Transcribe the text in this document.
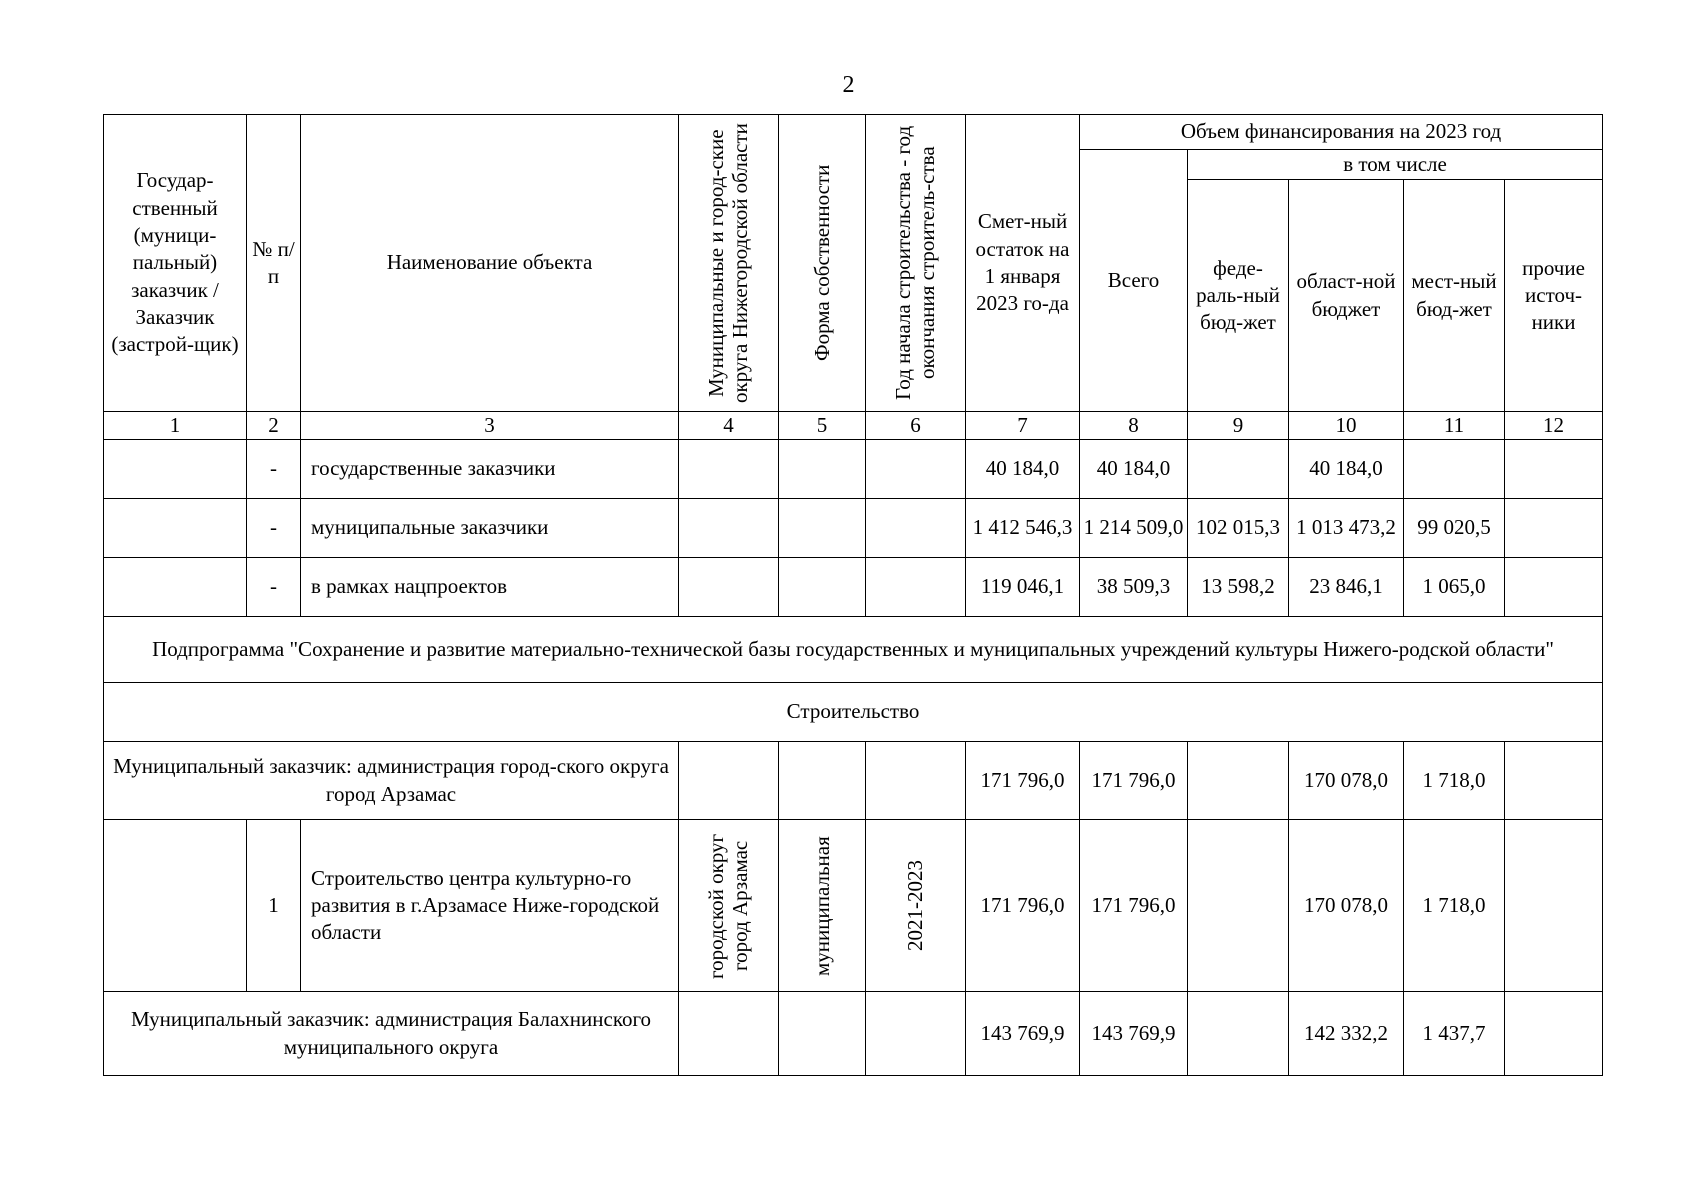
2
Государ-ственный (муници-пальный) заказчик / Заказчик (застрой-щик)	№ п/п	Наименование объекта	Муниципальные и город-ские округа Нижегородской области	Форма собственности	Год начала строительства - год окончания строитель-ства	Смет-ный остаток на 1 января 2023 го-да	Объем финансирования на 2023 год				
							Всего	в том числе			
								феде-раль-ный бюд-жет	област-ной бюджет	мест-ный бюд-жет	прочие источ-ники
1	2	3	4	5	6	7	8	9	10	11	12
	-	государственные заказчики				40 184,0	40 184,0		40 184,0		
	-	муниципальные заказчики				1 412 546,3	1 214 509,0	102 015,3	1 013 473,2	99 020,5	
	-	в рамках нацпроектов				119 046,1	38 509,3	13 598,2	23 846,1	1 065,0	
Подпрограмма "Сохранение и развитие материально-технической базы государственных и муниципальных учреждений культуры Нижего-родской области"											
Строительство											
Муниципальный заказчик: администрация город-ского округа город Арзамас						171 796,0	171 796,0		170 078,0	1 718,0	
	1	Строительство центра культурно-го развития в г.Арзамасе Ниже-городской области	городской округ город Арзамас	муниципальная	2021-2023	171 796,0	171 796,0		170 078,0	1 718,0	
Муниципальный заказчик: администрация Балахнинского муниципального округа						143 769,9	143 769,9		142 332,2	1 437,7	
